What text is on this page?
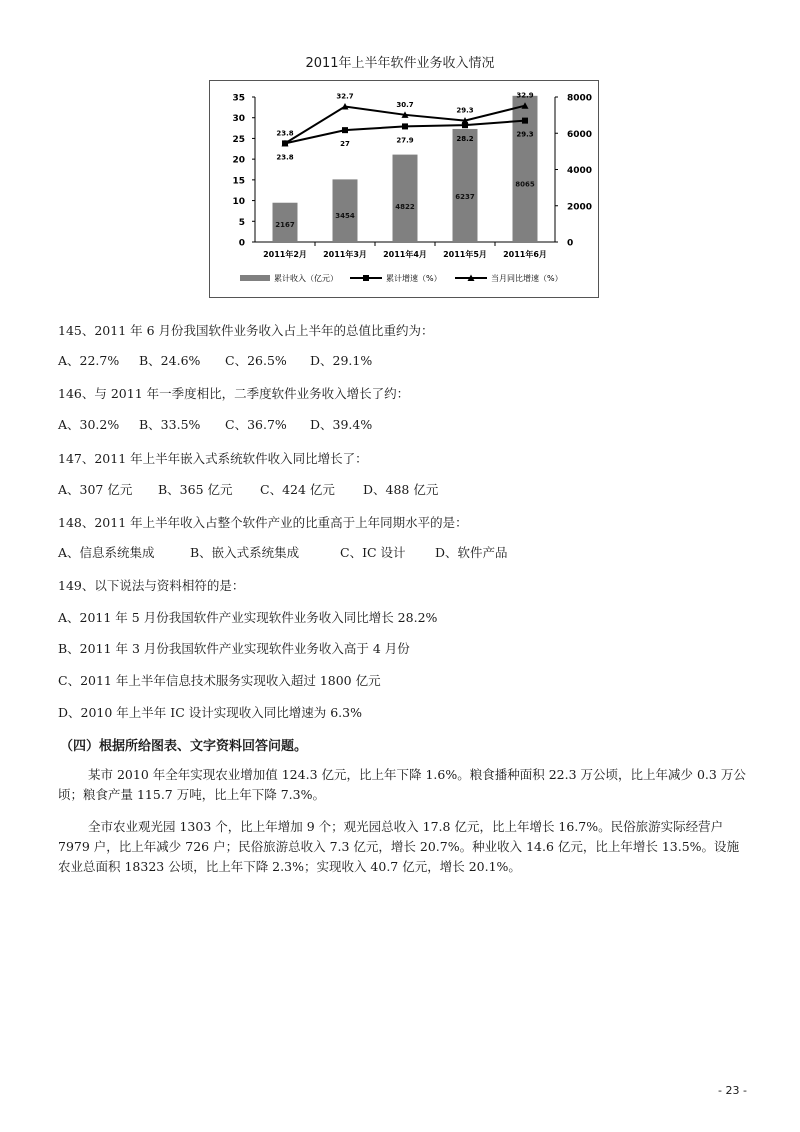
2011年上半年软件业务收入情况
0
5
10
15
20
25
30
35
0
2000
4000
6000
8000
2011年2月 2011年3月 2011年4月 2011年5月 2011年6月
2167
3454
4822
6237
8065
23.8
27	27.9	28.2
29.3
23.8
32.7
30.7
29.3
32.9
累计收入（亿元）	累计增速（%）	当月同比增速（%）
145、2011 年 6 月份我国软件业务收入占上半年的总值比重约为：
A、22.7% B、24.6% C、26.5% D、29.1%
146、与 2011 年一季度相比，二季度软件业务收入增长了约：
A、30.2% B、33.5% C、36.7% D、39.4%
147、2011 年上半年嵌入式系统软件收入同比增长了：
A、307 亿元 B、365 亿元 C、424 亿元 D、488 亿元
148、2011 年上半年收入占整个软件产业的比重高于上年同期水平的是：
A、信息系统集成	B、嵌入式系统集成	C、IC 设计 D、软件产品
149、以下说法与资料相符的是：
A、2011 年 5 月份我国软件产业实现软件业务收入同比增长 28.2%
B、2011 年 3 月份我国软件产业实现软件业务收入高于 4 月份
C、2011 年上半年信息技术服务实现收入超过 1800 亿元
D、2010 年上半年 IC 设计实现收入同比增速为 6.3%
（四）根据所给图表、文字资料回答问题。
某市 2010 年全年实现农业增加值 124.3 亿元，比上年下降 1.6%。粮食播种面积 22.3 万公顷，比上年减少 0.3 万公顷；粮食产量 115.7 万吨，比上年下降 7.3%。
全市农业观光园 1303 个，比上年增加 9 个；观光园总收入 17.8 亿元，比上年增长 16.7%。民俗旅游实际经营户 7979 户，比上年减少 726 户；民俗旅游总收入 7.3 亿元，增长 20.7%。种业收入 14.6 亿元，比上年增长 13.5%。设施农业总面积 18323 公顷，比上年下降 2.3%；实现收入 40.7 亿元，增长 20.1%。
- 23 -
